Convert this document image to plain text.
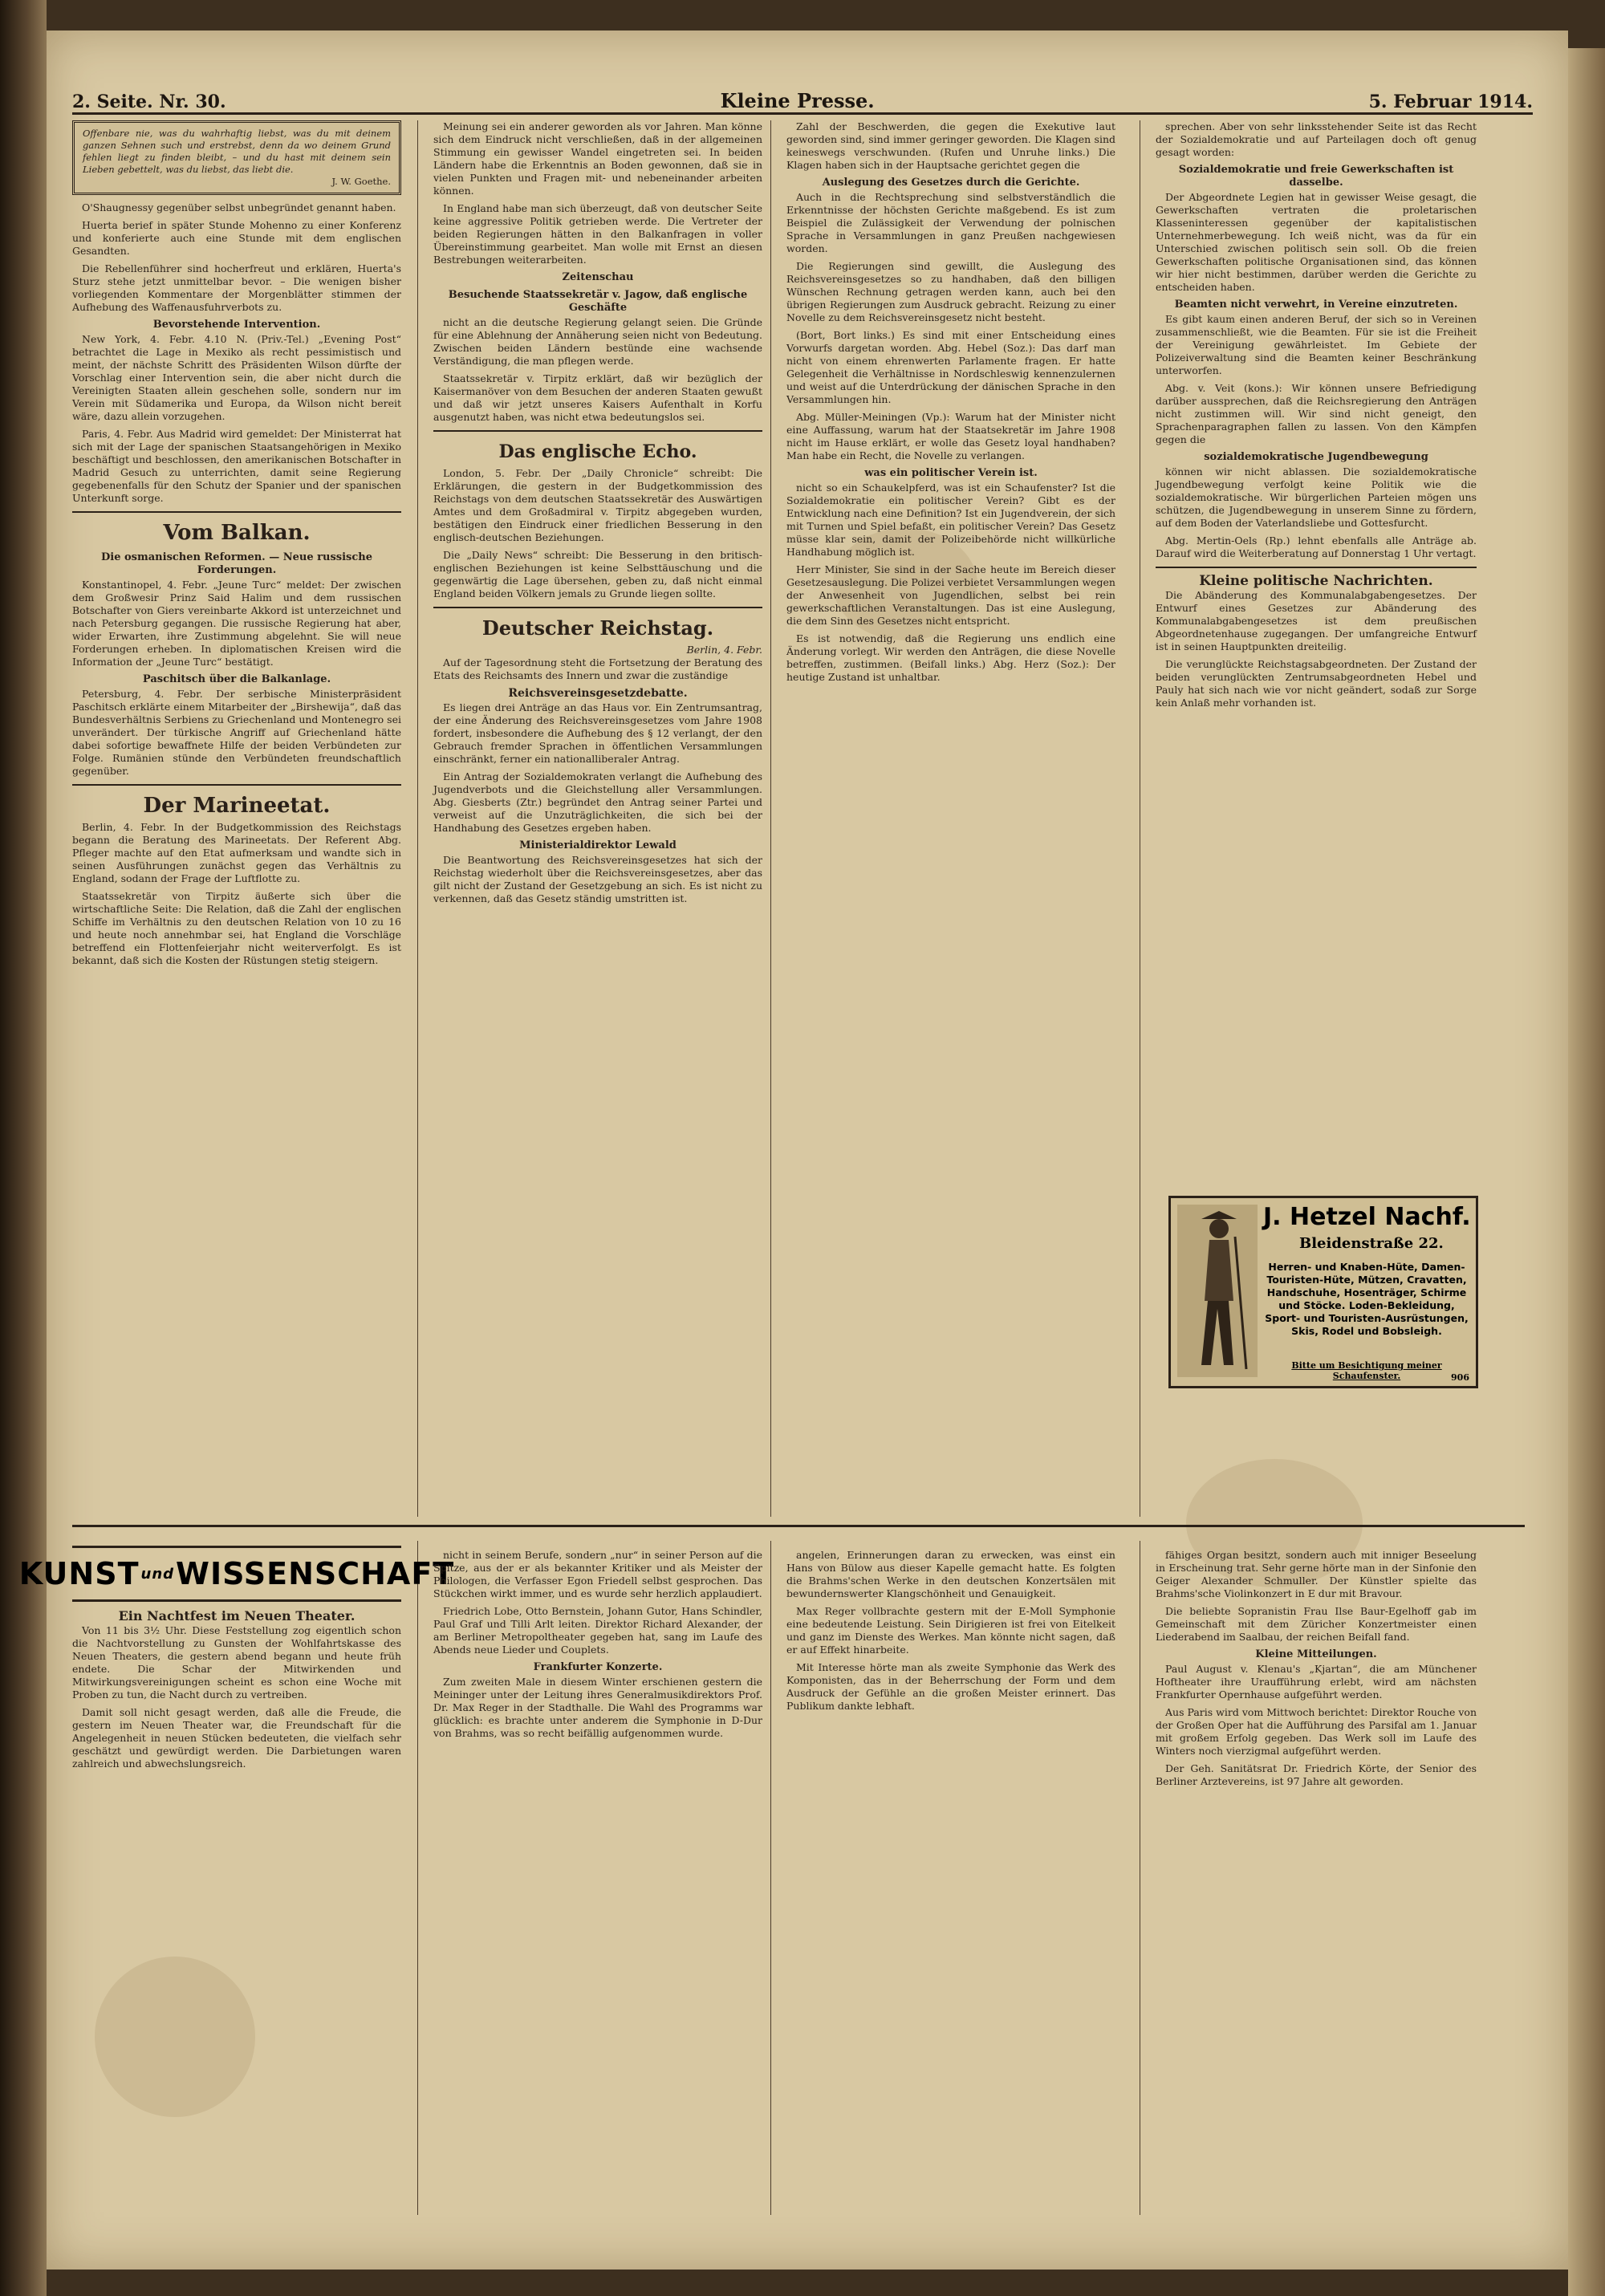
2. Seite. Nr. 30.	Kleine Presse.	5. Februar 1914.
Offenbare nie, was du wahrhaftig liebst, was du mit deinem ganzen Sehnen such und erstrebst, denn da wo deinem Grund fehlen liegt zu finden bleibt, – und du hast mit deinem sein Lieben gebettelt, was du liebst, das liebt die.
J. W. Goethe.

O'Shaugnessy gegenüber selbst unbegründet genannt haben.

Huerta berief in später Stunde Mohenno zu einer Konferenz und konferierte auch eine Stunde mit dem englischen Gesandten.

Die Rebellenführer sind hocherfreut und erklären, Huerta's Sturz stehe jetzt unmittelbar bevor. – Die wenigen bisher vorliegenden Kommentare der Morgenblätter stimmen der Aufhebung des Waffenausfuhrverbots zu.

Bevorstehende Intervention.

New York, 4. Febr. 4.10 N. (Priv.-Tel.) „Evening Post“ betrachtet die Lage in Mexiko als recht pessimistisch und meint, der nächste Schritt des Präsidenten Wilson dürfte der Vorschlag einer Intervention sein, die aber nicht durch die Vereinigten Staaten allein geschehen solle, sondern nur im Verein mit Südamerika und Europa, da Wilson nicht bereit wäre, dazu allein vorzugehen.

Paris, 4. Febr. Aus Madrid wird gemeldet: Der Ministerrat hat sich mit der Lage der spanischen Staatsangehörigen in Mexiko beschäftigt und beschlossen, den amerikanischen Botschafter in Madrid Gesuch zu unterrichten, damit seine Regierung gegebenenfalls für den Schutz der Spanier und der spanischen Unterkunft sorge.

Vom Balkan.
Die osmanischen Reformen. — Neue russische Forderungen.

Konstantinopel, 4. Febr. „Jeune Turc“ meldet: Der zwischen dem Großwesir Prinz Said Halim und dem russischen Botschafter von Giers vereinbarte Akkord ist unterzeichnet und nach Petersburg gegangen. Die russische Regierung hat aber, wider Erwarten, ihre Zustimmung abgelehnt. Sie will neue Forderungen erheben. In diplomatischen Kreisen wird die Information der „Jeune Turc“ bestätigt.

Paschitsch über die Balkanlage.

Petersburg, 4. Febr. Der serbische Ministerpräsident Paschitsch erklärte einem Mitarbeiter der „Birshewija“, daß das Bundesverhältnis Serbiens zu Griechenland und Montenegro sei unverändert. Der türkische Angriff auf Griechenland hätte dabei sofortige bewaffnete Hilfe der beiden Verbündeten zur Folge. Rumänien stünde den Verbündeten freundschaftlich gegenüber.

Der Marineetat.

Berlin, 4. Febr. In der Budgetkommission des Reichstags begann die Beratung des Marineetats. Der Referent Abg. Pfleger machte auf den Etat aufmerksam und wandte sich in seinen Ausführungen zunächst gegen das Verhältnis zu England, sodann der Frage der Luftflotte zu.

Staatssekretär von Tirpitz äußerte sich über die wirtschaftliche Seite: Die Relation, daß die Zahl der englischen Schiffe im Verhältnis zu den deutschen Relation von 10 zu 16 und heute noch annehmbar sei, hat England die Vorschläge betreffend ein Flottenfeierjahr nicht weiterverfolgt. Es ist bekannt, daß sich die Kosten der Rüstungen stetig steigern.

Meinung sei ein anderer geworden als vor Jahren. Man könne sich dem Eindruck nicht verschließen, daß in der allgemeinen Stimmung ein gewisser Wandel eingetreten sei. In beiden Ländern habe die Erkenntnis an Boden gewonnen, daß sie in vielen Punkten und Fragen mit- und nebeneinander arbeiten können.

In England habe man sich überzeugt, daß von deutscher Seite keine aggressive Politik getrieben werde. Die Vertreter der beiden Regierungen hätten in den Balkanfragen in voller Übereinstimmung gearbeitet. Man wolle mit Ernst an diesen Bestrebungen weiterarbeiten.

Zeitenschau
Besuchende Staatssekretär v. Jagow, daß englische Geschäfte

nicht an die deutsche Regierung gelangt seien. Die Gründe für eine Ablehnung der Annäherung seien nicht von Bedeutung. Zwischen beiden Ländern bestünde eine wachsende Verständigung, die man pflegen werde.

Staatssekretär v. Tirpitz erklärt, daß wir bezüglich der Kaisermanöver von dem Besuchen der anderen Staaten gewußt und daß wir jetzt unseres Kaisers Aufenthalt in Korfu ausgenutzt haben, was nicht etwa bedeutungslos sei.

Das englische Echo.

London, 5. Febr. Der „Daily Chronicle“ schreibt: Die Erklärungen, die gestern in der Budgetkommission des Reichstags von dem deutschen Staatssekretär des Auswärtigen Amtes und dem Großadmiral v. Tirpitz abgegeben wurden, bestätigen den Eindruck einer friedlichen Besserung in den englisch-deutschen Beziehungen.

Die „Daily News“ schreibt: Die Besserung in den britisch-englischen Beziehungen ist keine Selbsttäuschung und die gegenwärtig die Lage übersehen, geben zu, daß nicht einmal England beiden Völkern jemals zu Grunde liegen sollte.

Deutscher Reichstag.
Berlin, 4. Febr.

Auf der Tagesordnung steht die Fortsetzung der Beratung des Etats des Reichsamts des Innern und zwar die zuständige

Reichsvereinsgesetzdebatte.

Es liegen drei Anträge an das Haus vor. Ein Zentrumsantrag, der eine Änderung des Reichsvereinsgesetzes vom Jahre 1908 fordert, insbesondere die Aufhebung des § 12 verlangt, der den Gebrauch fremder Sprachen in öffentlichen Versammlungen einschränkt, ferner ein nationalliberaler Antrag.

Ein Antrag der Sozialdemokraten verlangt die Aufhebung des Jugendverbots und die Gleichstellung aller Versammlungen. Abg. Giesberts (Ztr.) begründet den Antrag seiner Partei und verweist auf die Unzuträglichkeiten, die sich bei der Handhabung des Gesetzes ergeben haben.

Ministerialdirektor Lewald

Die Beantwortung des Reichsvereinsgesetzes hat sich der Reichstag wiederholt über die Reichsvereinsgesetzes, aber das gilt nicht der Zustand der Gesetzgebung an sich. Es ist nicht zu verkennen, daß das Gesetz ständig umstritten ist.

Zahl der Beschwerden, die gegen die Exekutive laut geworden sind, sind immer geringer geworden. Die Klagen sind keineswegs verschwunden. (Rufen und Unruhe links.) Die Klagen haben sich in der Hauptsache gerichtet gegen die

Auslegung des Gesetzes durch die Gerichte.

Auch in die Rechtsprechung sind selbstverständlich die Erkenntnisse der höchsten Gerichte maßgebend. Es ist zum Beispiel die Zulässigkeit der Verwendung der polnischen Sprache in Versammlungen in ganz Preußen nachgewiesen worden.

Die Regierungen sind gewillt, die Auslegung des Reichsvereinsgesetzes so zu handhaben, daß den billigen Wünschen Rechnung getragen werden kann, auch bei den übrigen Regierungen zum Ausdruck gebracht. Reizung zu einer Novelle zu dem Reichsvereinsgesetz nicht besteht.

(Bort, Bort links.) Es sind mit einer Entscheidung eines Vorwurfs dargetan worden. Abg. Hebel (Soz.): Das darf man nicht von einem ehrenwerten Parlamente fragen. Er hatte Gelegenheit die Verhältnisse in Nordschleswig kennenzulernen und weist auf die Unterdrückung der dänischen Sprache in den Versammlungen hin.

Abg. Müller-Meiningen (Vp.): Warum hat der Minister nicht eine Auffassung, warum hat der Staatsekretär im Jahre 1908 nicht im Hause erklärt, er wolle das Gesetz loyal handhaben? Man habe ein Recht, die Novelle zu verlangen.

was ein politischer Verein ist.

nicht so ein Schaukelpferd, was ist ein Schaufenster? Ist die Sozialdemokratie ein politischer Verein? Gibt es der Entwicklung nach eine Definition? Ist ein Jugendverein, der sich mit Turnen und Spiel befaßt, ein politischer Verein? Das Gesetz müsse klar sein, damit der Polizeibehörde nicht willkürliche Handhabung möglich ist.

Herr Minister, Sie sind in der Sache heute im Bereich dieser Gesetzesauslegung. Die Polizei verbietet Versammlungen wegen der Anwesenheit von Jugendlichen, selbst bei rein gewerkschaftlichen Veranstaltungen. Das ist eine Auslegung, die dem Sinn des Gesetzes nicht entspricht.

Es ist notwendig, daß die Regierung uns endlich eine Änderung vorlegt. Wir werden den Anträgen, die diese Novelle betreffen, zustimmen. (Beifall links.) Abg. Herz (Soz.): Der heutige Zustand ist unhaltbar.

sprechen. Aber von sehr linksstehender Seite ist das Recht der Sozialdemokratie und auf Parteilagen doch oft genug gesagt worden:

Sozialdemokratie und freie Gewerkschaften ist dasselbe.

Der Abgeordnete Legien hat in gewisser Weise gesagt, die Gewerkschaften vertraten die proletarischen Klasseninteressen gegenüber der kapitalistischen Unternehmerbewegung. Ich weiß nicht, was da für ein Unterschied zwischen politisch sein soll. Ob die freien Gewerkschaften politische Organisationen sind, das können wir hier nicht bestimmen, darüber werden die Gerichte zu entscheiden haben.

Beamten nicht verwehrt, in Vereine einzutreten.

Es gibt kaum einen anderen Beruf, der sich so in Vereinen zusammenschließt, wie die Beamten. Für sie ist die Freiheit der Vereinigung gewährleistet. Im Gebiete der Polizeiverwaltung sind die Beamten keiner Beschränkung unterworfen.

Abg. v. Veit (kons.): Wir können unsere Befriedigung darüber aussprechen, daß die Reichsregierung den Anträgen nicht zustimmen will. Wir sind nicht geneigt, den Sprachenparagraphen fallen zu lassen. Von den Kämpfen gegen die

sozialdemokratische Jugendbewegung

können wir nicht ablassen. Die sozialdemokratische Jugendbewegung verfolgt keine Politik wie die sozialdemokratische. Wir bürgerlichen Parteien mögen uns schützen, die Jugendbewegung in unserem Sinne zu fördern, auf dem Boden der Vaterlandsliebe und Gottesfurcht.

Abg. Mertin-Oels (Rp.) lehnt ebenfalls alle Anträge ab. Darauf wird die Weiterberatung auf Donnerstag 1 Uhr vertagt.

Kleine politische Nachrichten.

Die Abänderung des Kommunalabgabengesetzes. Der Entwurf eines Gesetzes zur Abänderung des Kommunalabgabengesetzes ist dem preußischen Abgeordnetenhause zugegangen. Der umfangreiche Entwurf ist in seinen Hauptpunkten dreiteilig.

Die verunglückte Reichstagsabgeordneten. Der Zustand der beiden verunglückten Zentrumsabgeordneten Hebel und Pauly hat sich nach wie vor nicht geändert, sodaß zur Sorge kein Anlaß mehr vorhanden ist.

J. Hetzel Nachf.
Bleidenstraße 22.
Herren- und Knaben-Hüte, Damen-Touristen-Hüte, Mützen, Cravatten, Handschuhe, Hosenträger, Schirme und Stöcke. Loden-Bekleidung, Sport- und Touristen-Ausrüstungen, Skis, Rodel und Bobsleigh.
Bitte um Besichtigung meiner Schaufenster.	906
KUNST und WISSENSCHAFT
Ein Nachtfest im Neuen Theater.

Von 11 bis 3½ Uhr. Diese Feststellung zog eigentlich schon die Nachtvorstellung zu Gunsten der Wohlfahrtskasse des Neuen Theaters, die gestern abend begann und heute früh endete. Die Schar der Mitwirkenden und Mitwirkungsvereinigungen scheint es schon eine Woche mit Proben zu tun, die Nacht durch zu vertreiben.

Damit soll nicht gesagt werden, daß alle die Freude, die gestern im Neuen Theater war, die Freundschaft für die Angelegenheit in neuen Stücken bedeuteten, die vielfach sehr geschätzt und gewürdigt werden. Die Darbietungen waren zahlreich und abwechslungsreich.

nicht in seinem Berufe, sondern „nur“ in seiner Person auf die Spitze, aus der er als bekannter Kritiker und als Meister der Philologen, die Verfasser Egon Friedell selbst gesprochen. Das Stückchen wirkt immer, und es wurde sehr herzlich applaudiert.

Friedrich Lobe, Otto Bernstein, Johann Gutor, Hans Schindler, Paul Graf und Tilli Arlt leiten. Direktor Richard Alexander, der am Berliner Metropoltheater gegeben hat, sang im Laufe des Abends neue Lieder und Couplets.

Frankfurter Konzerte.

Zum zweiten Male in diesem Winter erschienen gestern die Meininger unter der Leitung ihres Generalmusikdirektors Prof. Dr. Max Reger in der Stadthalle. Die Wahl des Programms war glücklich: es brachte unter anderem die Symphonie in D-Dur von Brahms, was so recht beifällig aufgenommen wurde.

angelen, Erinnerungen daran zu erwecken, was einst ein Hans von Bülow aus dieser Kapelle gemacht hatte. Es folgten die Brahms'schen Werke in den deutschen Konzertsälen mit bewundernswerter Klangschönheit und Genauigkeit.

Max Reger vollbrachte gestern mit der E-Moll Symphonie eine bedeutende Leistung. Sein Dirigieren ist frei von Eitelkeit und ganz im Dienste des Werkes. Man könnte nicht sagen, daß er auf Effekt hinarbeite.

Mit Interesse hörte man als zweite Symphonie das Werk des Komponisten, das in der Beherrschung der Form und dem Ausdruck der Gefühle an die großen Meister erinnert. Das Publikum dankte lebhaft.

fähiges Organ besitzt, sondern auch mit inniger Beseelung in Erscheinung trat. Sehr gerne hörte man in der Sinfonie den Geiger Alexander Schmuller. Der Künstler spielte das Brahms'sche Violinkonzert in E dur mit Bravour.

Die beliebte Sopranistin Frau Ilse Baur-Egelhoff gab im Gemeinschaft mit dem Züricher Konzertmeister einen Liederabend im Saalbau, der reichen Beifall fand.

Kleine Mitteilungen.

Paul August v. Klenau's „Kjartan“, die am Münchener Hoftheater ihre Uraufführung erlebt, wird am nächsten Frankfurter Opernhause aufgeführt werden.

Aus Paris wird vom Mittwoch berichtet: Direktor Rouche von der Großen Oper hat die Aufführung des Parsifal am 1. Januar mit großem Erfolg gegeben. Das Werk soll im Laufe des Winters noch vierzigmal aufgeführt werden.

Der Geh. Sanitätsrat Dr. Friedrich Körte, der Senior des Berliner Arztevereins, ist 97 Jahre alt geworden.
